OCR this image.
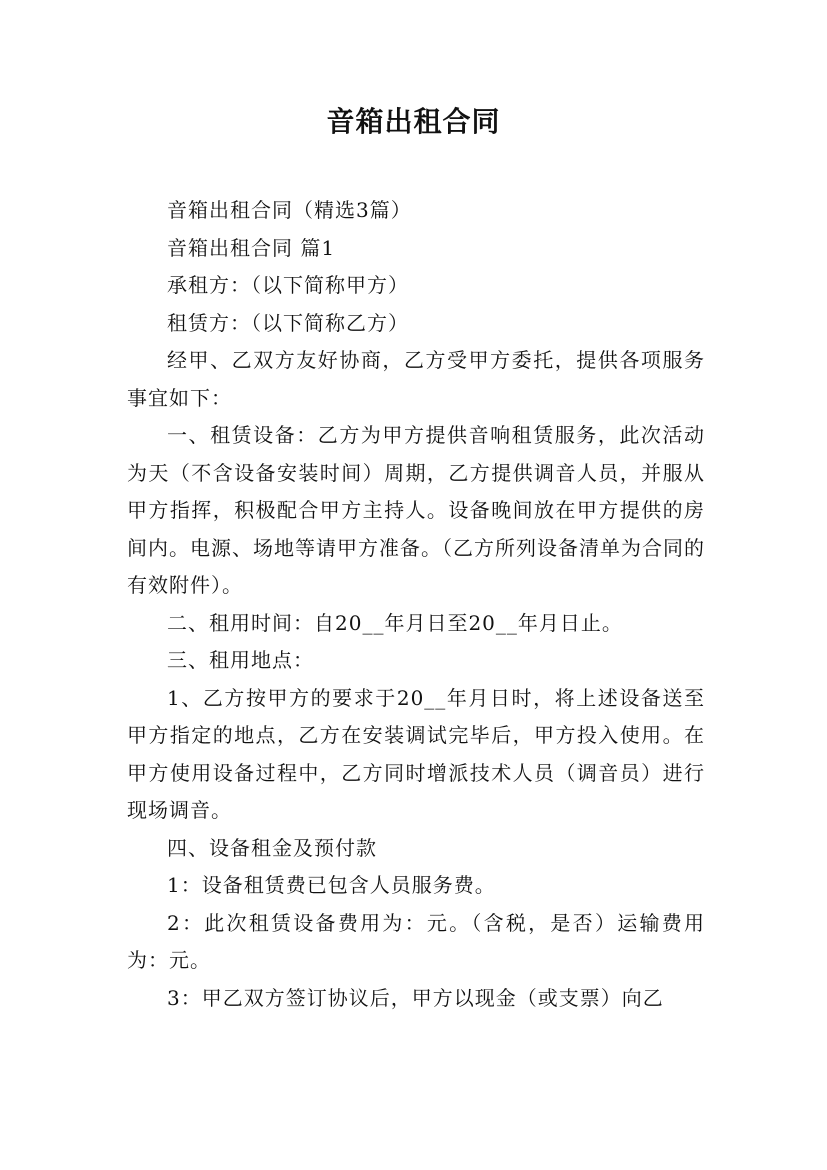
音箱出租合同

音箱出租合同（精选3篇）

音箱出租合同 篇1

承租方：（以下简称甲方）

租赁方：（以下简称乙方）

经甲、乙双方友好协商，乙方受甲方委托，提供各项服务事宜如下：

一、租赁设备：乙方为甲方提供音响租赁服务，此次活动为天（不含设备安装时间）周期，乙方提供调音人员，并服从甲方指挥，积极配合甲方主持人。设备晚间放在甲方提供的房间内。电源、场地等请甲方准备。（乙方所列设备清单为合同的有效附件）。

二、租用时间：自20__年月日至20__年月日止。

三、租用地点：

1、乙方按甲方的要求于20__年月日时，将上述设备送至甲方指定的地点，乙方在安装调试完毕后，甲方投入使用。在甲方使用设备过程中，乙方同时增派技术人员（调音员）进行现场调音。

四、设备租金及预付款

1：设备租赁费已包含人员服务费。

2：此次租赁设备费用为：元。（含税，是否）运输费用为：元。

3：甲乙双方签订协议后，甲方以现金（或支票）向乙
